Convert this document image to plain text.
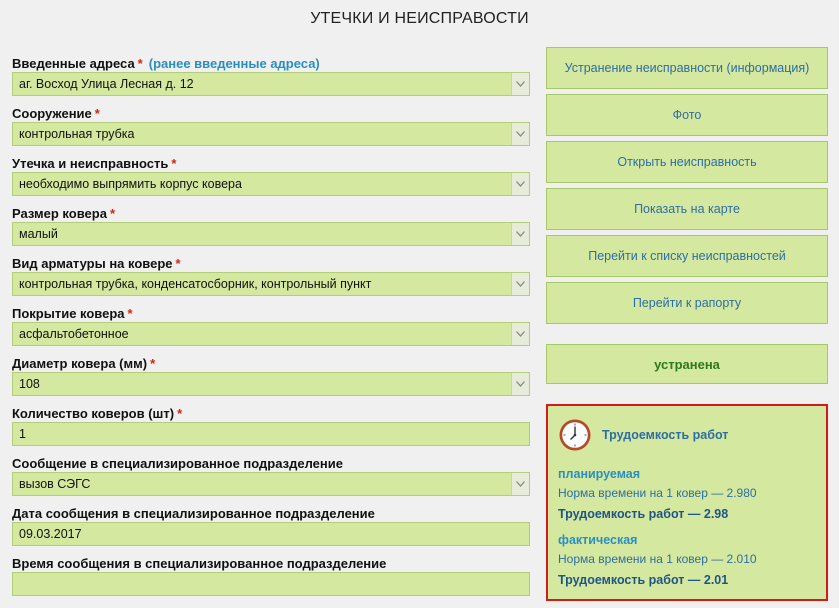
УТЕЧКИ И НЕИСПРАВОСТИ
Введенные адреса * (ранее введенные адреса)
аг. Восход Улица Лесная д. 12
Сооружение *
контрольная трубка
Утечка и неисправность *
необходимо выпрямить корпус ковера
Размер ковера *
малый
Вид арматуры на ковере *
контрольная трубка, конденсатосборник, контрольный пункт
Покрытие ковера *
асфальтобетонное
Диаметр ковера (мм) *
108
Количество коверов (шт) *
1
Сообщение в специализированное подразделение
вызов СЭГС
Дата сообщения в специализированное подразделение
09.03.2017
Время сообщения в специализированное подразделение
Устранение неисправности (информация)
Фото
Открыть неисправность
Показать на карте
Перейти к списку неисправностей
Перейти к рапорту
устранена
Трудоемкость работ
планируемая
Норма времени на 1 ковер — 2.980
Трудоемкость работ — 2.98
фактическая
Норма времени на 1 ковер — 2.010
Трудоемкость работ — 2.01
